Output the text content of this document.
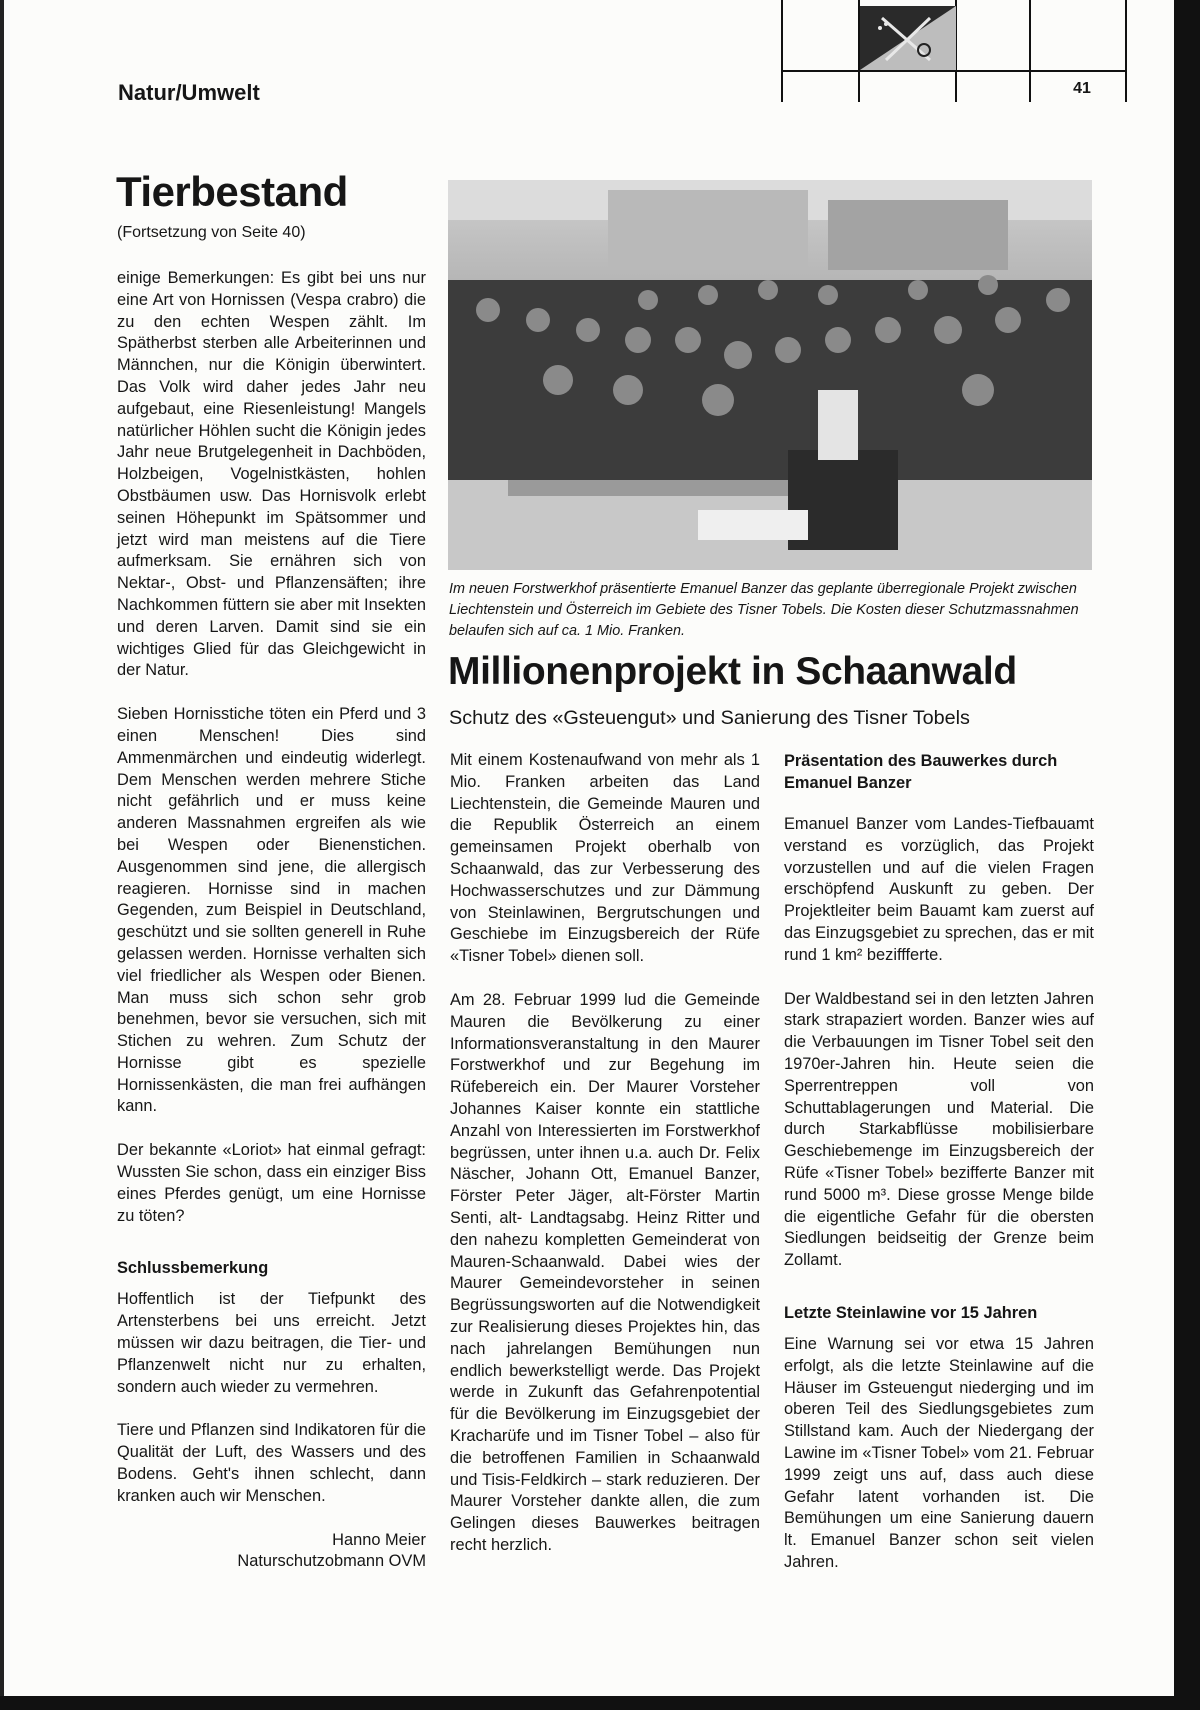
Natur/Umwelt	41
Tierbestand
(Fortsetzung von Seite 40)

einige Bemerkungen: Es gibt bei uns nur eine Art von Hornissen (Vespa crabro) die zu den echten Wespen zählt. Im Spätherbst sterben alle Arbeiterinnen und Männchen, nur die Königin überwintert. Das Volk wird daher jedes Jahr neu aufgebaut, eine Riesenleistung! Mangels natürlicher Höhlen sucht die Königin jedes Jahr neue Brutgelegenheit in Dachböden, Holzbeigen, Vogelnistkästen, hohlen Obstbäumen usw. Das Hornisvolk erlebt seinen Höhepunkt im Spätsommer und jetzt wird man meistens auf die Tiere aufmerksam. Sie ernähren sich von Nektar-, Obst- und Pflanzensäften; ihre Nachkommen füttern sie aber mit Insekten und deren Larven. Damit sind sie ein wichtiges Glied für das Gleichgewicht in der Natur.

Sieben Hornisstiche töten ein Pferd und 3 einen Menschen! Dies sind Ammenmärchen und eindeutig widerlegt. Dem Menschen werden mehrere Stiche nicht gefährlich und er muss keine anderen Massnahmen ergreifen als wie bei Wespen oder Bienenstichen. Ausgenommen sind jene, die allergisch reagieren. Hornisse sind in machen Gegenden, zum Beispiel in Deutschland, geschützt und sie sollten generell in Ruhe gelassen werden. Hornisse verhalten sich viel friedlicher als Wespen oder Bienen. Man muss sich schon sehr grob benehmen, bevor sie versuchen, sich mit Stichen zu wehren. Zum Schutz der Hornisse gibt es spezielle Hornissenkästen, die man frei aufhängen kann.

Der bekannte «Loriot» hat einmal gefragt: Wussten Sie schon, dass ein einziger Biss eines Pferdes genügt, um eine Hornisse zu töten?

Schlussbemerkung

Hoffentlich ist der Tiefpunkt des Artensterbens bei uns erreicht. Jetzt müssen wir dazu beitragen, die Tier- und Pflanzenwelt nicht nur zu erhalten, sondern auch wieder zu vermehren.

Tiere und Pflanzen sind Indikatoren für die Qualität der Luft, des Wassers und des Bodens. Geht's ihnen schlecht, dann kranken auch wir Menschen.

Hanno Meier

Naturschutzobmann OVM

Im neuen Forstwerkhof präsentierte Emanuel Banzer das geplante überregionale Projekt zwischen Liechtenstein und Österreich im Gebiete des Tisner Tobels. Die Kosten dieser Schutzmassnahmen belaufen sich auf ca. 1 Mio. Franken.
Millionenprojekt in Schaanwald
Schutz des «Gsteuengut» und Sanierung des Tisner Tobels

Mit einem Kostenaufwand von mehr als 1 Mio. Franken arbeiten das Land Liechtenstein, die Gemeinde Mauren und die Republik Österreich an einem gemeinsamen Projekt oberhalb von Schaanwald, das zur Verbesserung des Hochwasserschutzes und zur Dämmung von Steinlawinen, Bergrutschungen und Geschiebe im Einzugsbereich der Rüfe «Tisner Tobel» dienen soll.

Am 28. Februar 1999 lud die Gemeinde Mauren die Bevölkerung zu einer Informationsveranstaltung in den Maurer Forstwerkhof und zur Begehung im Rüfebereich ein. Der Maurer Vorsteher Johannes Kaiser konnte ein stattliche Anzahl von Interessierten im Forstwerkhof begrüssen, unter ihnen u.a. auch Dr. Felix Näscher, Johann Ott, Emanuel Banzer, Förster Peter Jäger, alt-Förster Martin Senti, alt- Landtagsabg. Heinz Ritter und den nahezu kompletten Gemeinderat von Mauren-Schaanwald. Dabei wies der Maurer Gemeindevorsteher in seinen Begrüssungsworten auf die Notwendigkeit zur Realisierung dieses Projektes hin, das nach jahrelangen Bemühungen nun endlich bewerkstelligt werde. Das Projekt werde in Zukunft das Gefahrenpotential für die Bevölkerung im Einzugsgebiet der Kracharüfe und im Tisner Tobel – also für die betroffenen Familien in Schaanwald und Tisis-Feldkirch – stark reduzieren. Der Maurer Vorsteher dankte allen, die zum Gelingen dieses Bauwerkes beitragen recht herzlich.

Präsentation des Bauwerkes durch Emanuel Banzer

Emanuel Banzer vom Landes-Tiefbauamt verstand es vorzüglich, das Projekt vorzustellen und auf die vielen Fragen erschöpfend Auskunft zu geben. Der Projektleiter beim Bauamt kam zuerst auf das Einzugsgebiet zu sprechen, das er mit rund 1 km² beziffferte.

Der Waldbestand sei in den letzten Jahren stark strapaziert worden. Banzer wies auf die Verbauungen im Tisner Tobel seit den 1970er-Jahren hin. Heute seien die Sperrentreppen voll von Schuttablagerungen und Material. Die durch Starkabflüsse mobilisierbare Geschiebemenge im Einzugsbereich der Rüfe «Tisner Tobel» bezifferte Banzer mit rund 5000 m³. Diese grosse Menge bilde die eigentliche Gefahr für die obersten Siedlungen beidseitig der Grenze beim Zollamt.

Letzte Steinlawine vor 15 Jahren

Eine Warnung sei vor etwa 15 Jahren erfolgt, als die letzte Steinlawine auf die Häuser im Gsteuengut niederging und im oberen Teil des Siedlungsgebietes zum Stillstand kam. Auch der Niedergang der Lawine im «Tisner Tobel» vom 21. Februar 1999 zeigt uns auf, dass auch diese Gefahr latent vorhanden ist. Die Bemühungen um eine Sanierung dauern lt. Emanuel Banzer schon seit vielen Jahren.
